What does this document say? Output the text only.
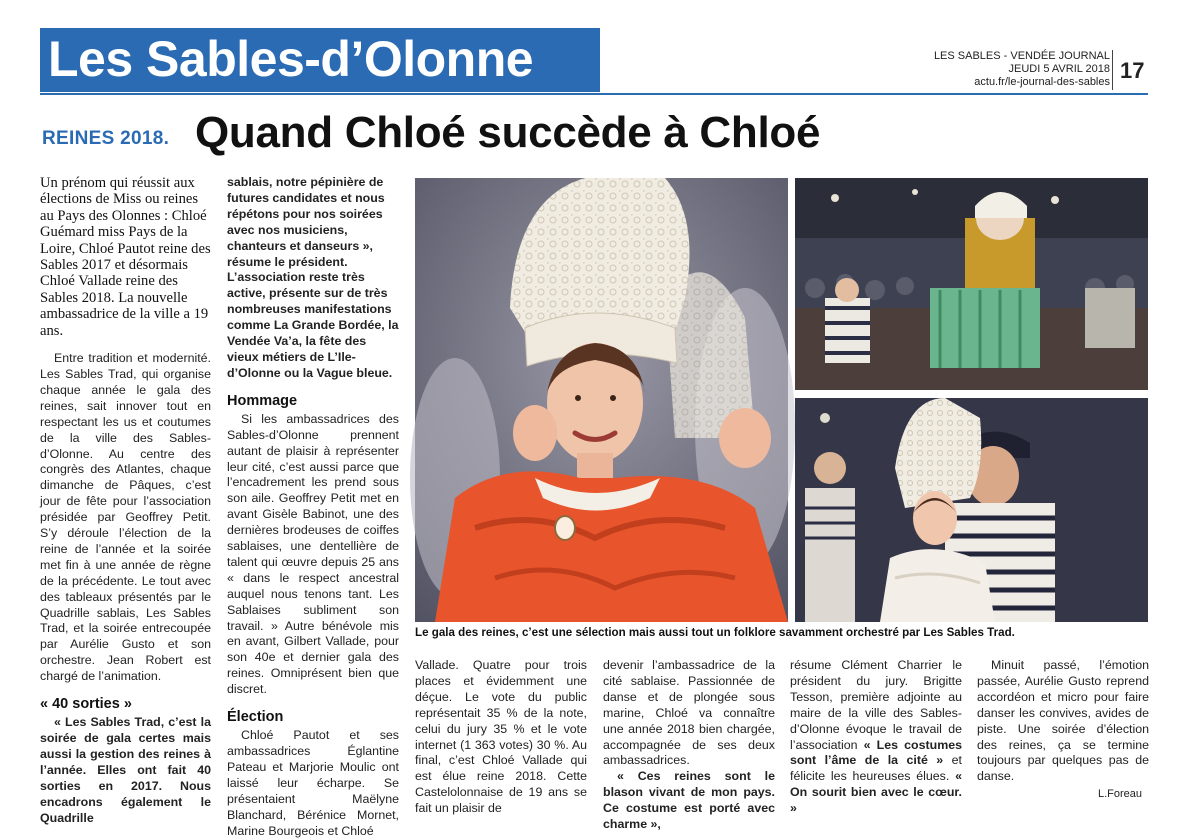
Les Sables-d’Olonne	LES SABLES - VENDÉE JOURNAL
JEUDI 5 AVRIL 2018
actu.fr/le-journal-des-sables 17
REINES 2018. Quand Chloé succède à Chloé

Un prénom qui réussit aux élections de Miss ou reines au Pays des Olonnes : Chloé Guémard miss Pays de la Loire, Chloé Pautot reine des Sables 2017 et désormais Chloé Vallade reine des Sables 2018. La nouvelle ambassadrice de la ville a 19 ans.

Entre tradition et modernité. Les Sables Trad, qui organise chaque année le gala des reines, sait innover tout en respectant les us et coutumes de la ville des Sables-d’Olonne. Au centre des congrès des Atlantes, chaque dimanche de Pâques, c’est jour de fête pour l’association présidée par Geoffrey Petit. S’y déroule l’élection de la reine de l’année et la soirée met fin à une année de règne de la précédente. Le tout avec des tableaux présentés par le Quadrille sablais, Les Sables Trad, et la soirée entrecoupée par Aurélie Gusto et son orchestre. Jean Robert est chargé de l’animation.

« 40 sorties »

« Les Sables Trad, c’est la soirée de gala certes mais aussi la gestion des reines à l’année. Elles ont fait 40 sorties en 2017. Nous encadrons également le Quadrille

sablais, notre pépinière de futures candidates et nous répétons pour nos soirées avec nos musiciens, chanteurs et danseurs », résume le président. L’association reste très active, présente sur de très nombreuses manifestations comme La Grande Bordée, la Vendée Va’a, la fête des vieux métiers de L’Ile-d’Olonne ou la Vague bleue.

Hommage

Si les ambassadrices des Sables-d’Olonne prennent autant de plaisir à représenter leur cité, c’est aussi parce que l’encadrement les prend sous son aile. Geoffrey Petit met en avant Gisèle Babinot, une des dernières brodeuses de coiffes sablaises, une dentellière de talent qui œuvre depuis 25 ans « dans le respect ancestral auquel nous tenons tant. Les Sablaises subliment son travail. » Autre bénévole mis en avant, Gilbert Vallade, pour son 40e et dernier gala des reines. Omniprésent bien que discret.

Élection

Chloé Pautot et ses ambassadrices Églantine Pateau et Marjorie Moulic ont laissé leur écharpe. Se présentaient Maëlyne Blanchard, Bérénice Mornet, Marine Bourgeois et Chloé

Le gala des reines, c’est une sélection mais aussi tout un folklore savamment orchestré par Les Sables Trad.

Vallade. Quatre pour trois places et évidemment une déçue. Le vote du public représentait 35 % de la note, celui du jury 35 % et le vote internet (1 363 votes) 30 %. Au final, c’est Chloé Vallade qui est élue reine 2018. Cette Castelolonnaise de 19 ans se fait un plaisir de

devenir l’ambassadrice de la cité sablaise. Passionnée de danse et de plongée sous marine, Chloé va connaître une année 2018 bien chargée, accompagnée de ses deux ambassadrices.

« Ces reines sont le blason vivant de mon pays. Ce costume est porté avec charme »,

résume Clément Charrier le président du jury. Brigitte Tesson, première adjointe au maire de la ville des Sables-d’Olonne évoque le travail de l’association « Les costumes sont l’âme de la cité » et félicite les heureuses élues. « On sourit bien avec le cœur. »

Minuit passé, l’émotion passée, Aurélie Gusto reprend accordéon et micro pour faire danser les convives, avides de piste. Une soirée d’élection des reines, ça se termine toujours par quelques pas de danse.

L.Foreau
